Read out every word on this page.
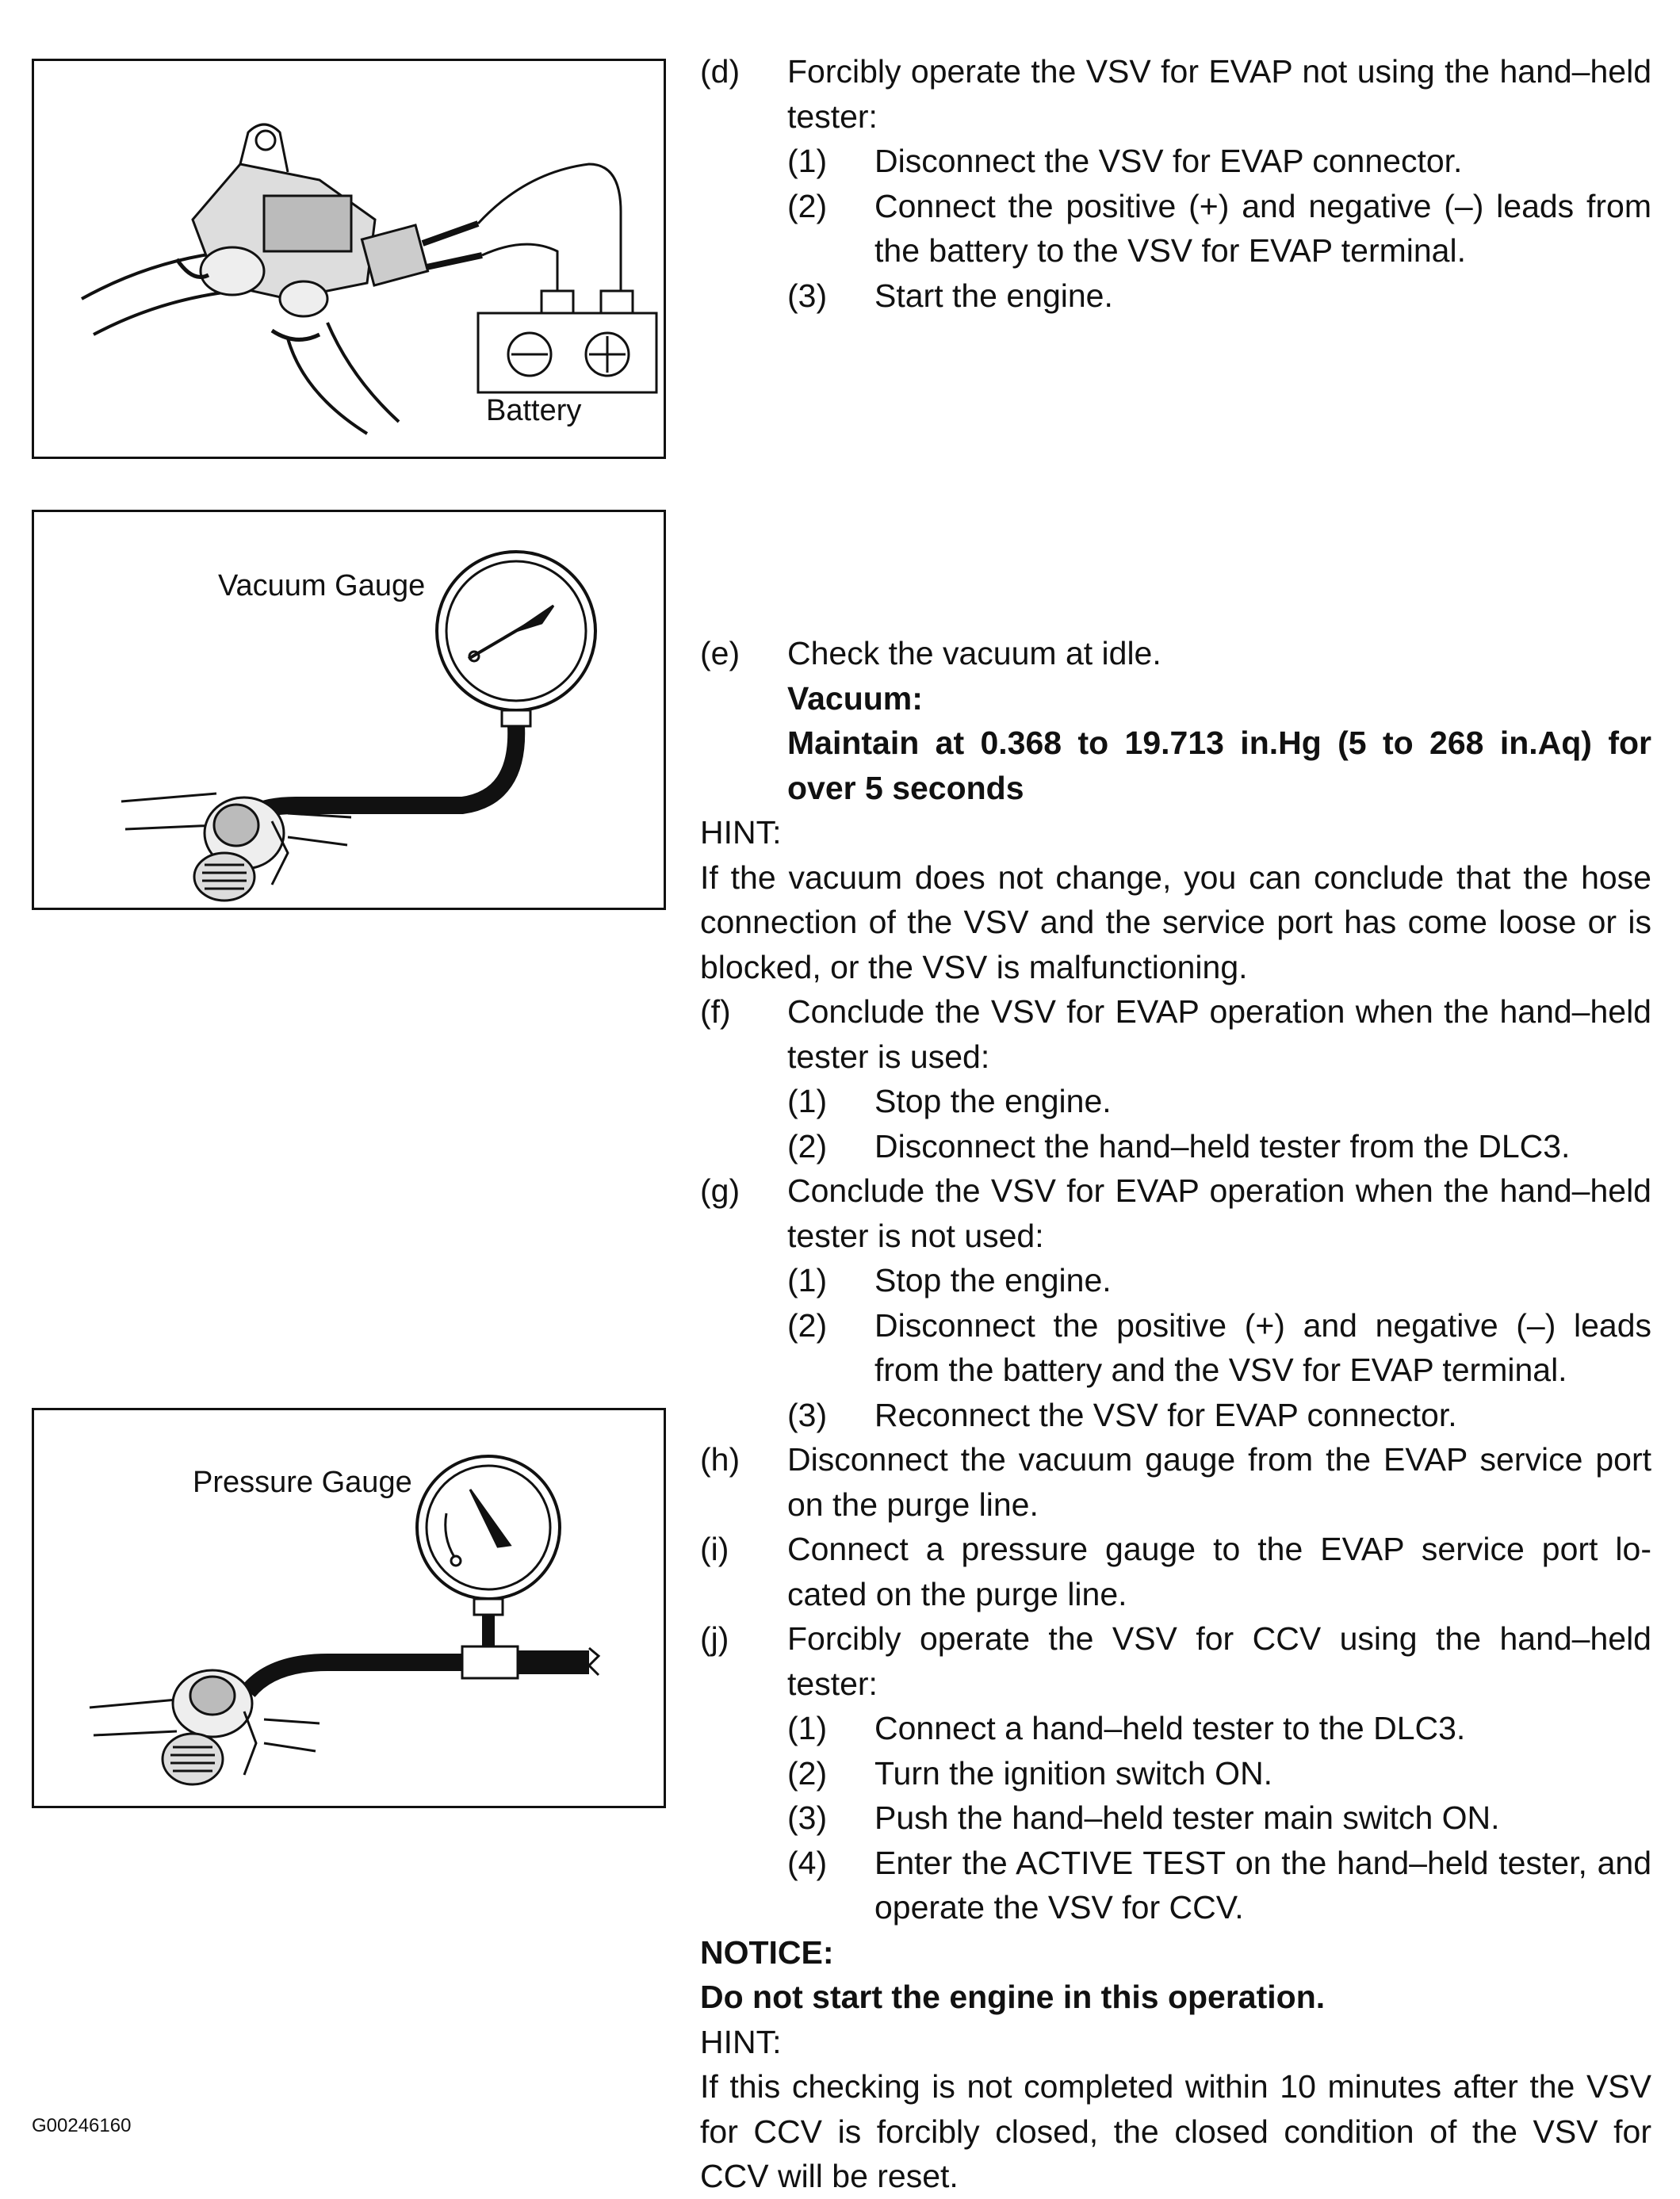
Battery
Vacuum Gauge
Pressure Gauge
(d) Forcibly operate the VSV for EVAP not using the hand–held tester:
(1) Disconnect the VSV for EVAP connector.
(2) Connect the positive (+) and negative (–) leads from the battery to the VSV for EVAP terminal.
(3) Start the engine.
(e) Check the vacuum at idle.
Vacuum:
Maintain at 0.368 to 19.713 in.Hg (5 to 268 in.Aq) for over 5 seconds
HINT:
If the vacuum does not change, you can conclude that the hose connection of the VSV and the service port has come loose or is blocked, or the VSV is malfunctioning.
(f) Conclude the VSV for EVAP operation when the hand–held tester is used:
(1) Stop the engine.
(2) Disconnect the hand–held tester from the DLC3.
(g) Conclude the VSV for EVAP operation when the hand–held tester is not used:
(1) Stop the engine.
(2) Disconnect the positive (+) and negative (–) leads from the battery and the VSV for EVAP terminal.
(3) Reconnect the VSV for EVAP connector.
(h) Disconnect the vacuum gauge from the EVAP service port on the purge line.
(i) Connect a pressure gauge to the EVAP service port lo-cated on the purge line.
(j) Forcibly operate the VSV for CCV using the hand–held tester:
(1) Connect a hand–held tester to the DLC3.
(2) Turn the ignition switch ON.
(3) Push the hand–held tester main switch ON.
(4) Enter the ACTIVE TEST on the hand–held tester, and operate the VSV for CCV.
NOTICE:
Do not start the engine in this operation.
HINT:
If this checking is not completed within 10 minutes after the VSV for CCV is forcibly closed, the closed condition of the VSV for CCV will be reset.
G00246160
